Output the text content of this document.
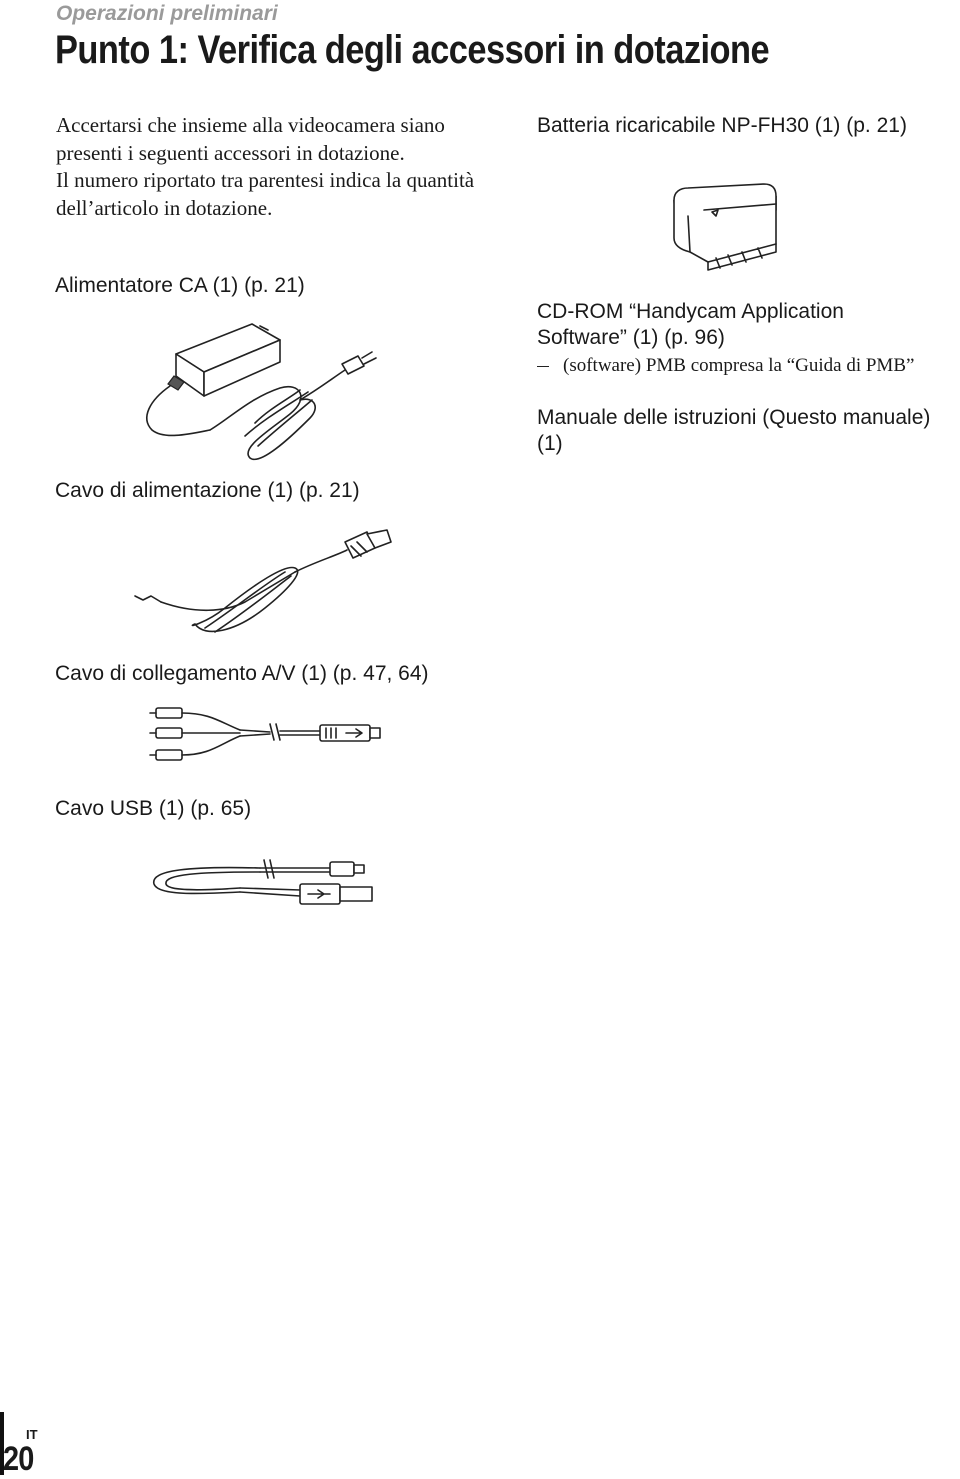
Operazioni preliminari
Punto 1: Verifica degli accessori in dotazione

Accertarsi che insieme alla videocamera siano presenti i seguenti accessori in dotazione.

Il numero riportato tra parentesi indica la quantità dell’articolo in dotazione.

Alimentatore CA (1) (p. 21)
Cavo di alimentazione (1) (p. 21)
Cavo di collegamento A/V (1) (p. 47, 64)
Cavo USB (1) (p. 65)
Batteria ricaricabile NP-FH30 (1) (p. 21)
CD-ROM “Handycam Application Software” (1) (p. 96)
(software) PMB compresa la “Guida di PMB”
Manuale delle istruzioni (Questo manuale) (1)
IT
20
